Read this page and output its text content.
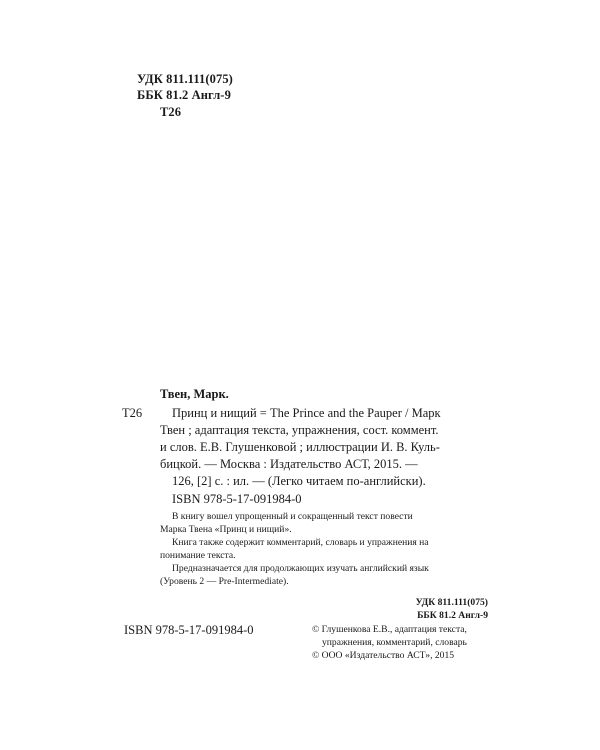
УДК 811.111(075)
ББК 81.2 Англ-9
Т26
Твен, Марк.
Т26 Принц и нищий = The Prince and the Pauper / Марк
Твен ; адаптация текста, упражнения, сост. коммент.
и слов. Е.В. Глушенковой ; иллюстрации И. В. Куль-
бицкой. — Москва : Издательство АСТ, 2015. —
126, [2] с. : ил. — (Легко читаем по-английски).
ISBN 978-5-17-091984-0
В книгу вошел упрощенный и сокращенный текст повести
Марка Твена «Принц и нищий».
Книга также содержит комментарий, словарь и упражнения на
понимание текста.
Предназначается для продолжающих изучать английский язык
(Уровень 2 — Pre-Intermediate).
УДК 811.111(075)
ББК 81.2 Англ-9
ISBN 978-5-17-091984-0	© Глушенкова Е.В., адаптация текста,
упражнения, комментарий, словарь
© ООО «Издательство АСТ», 2015
